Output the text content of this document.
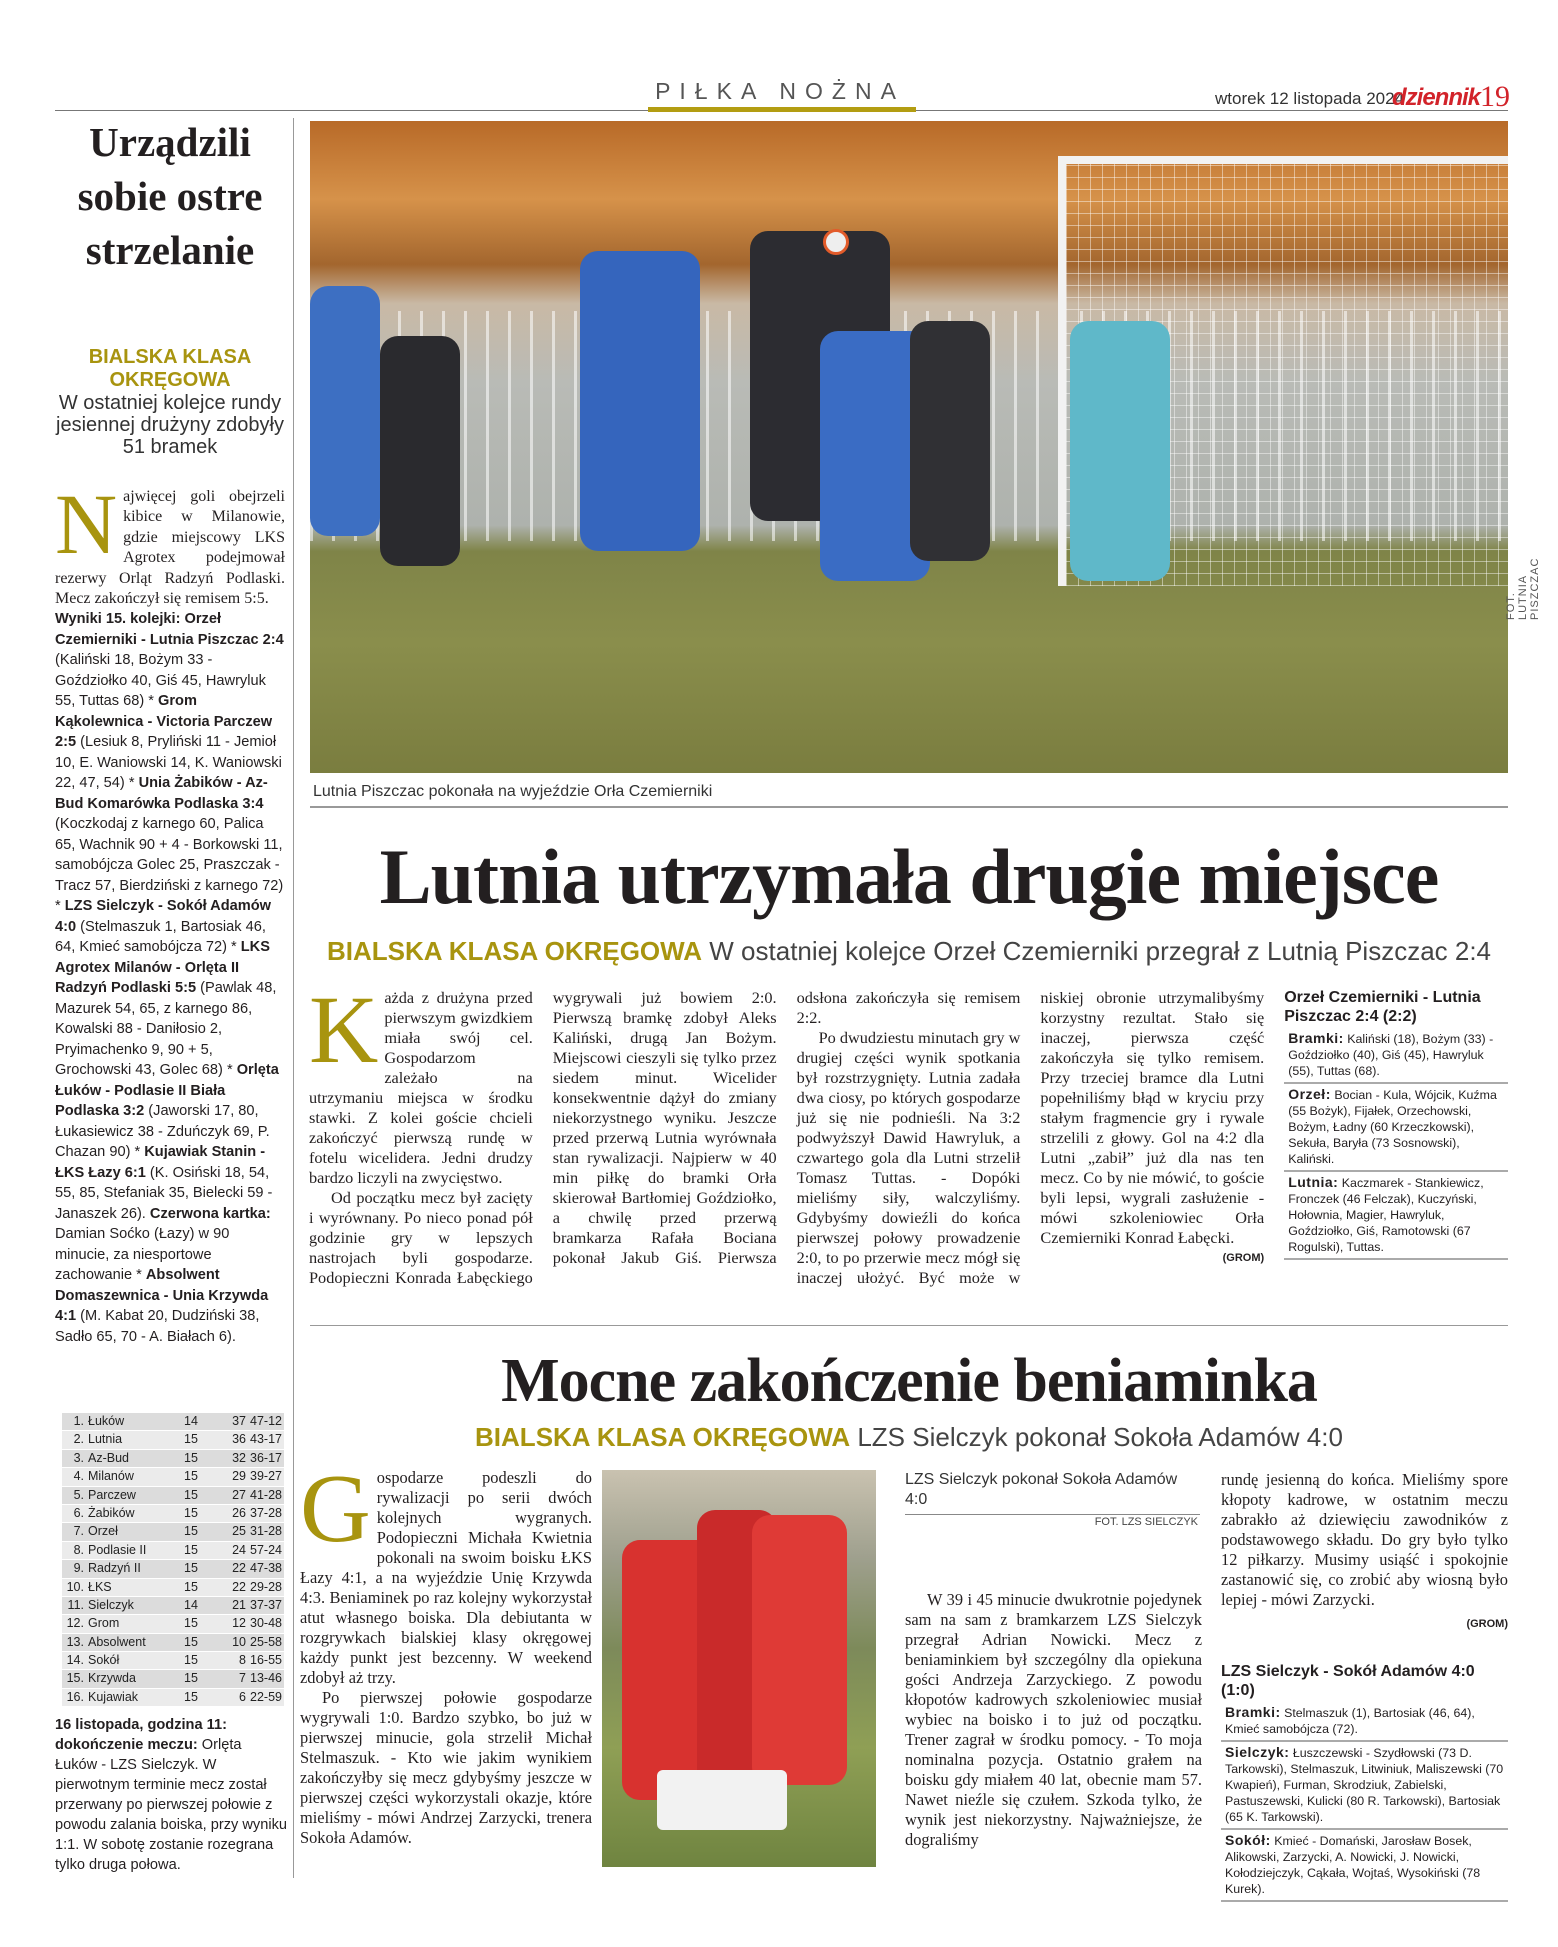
PIŁKA NOŻNA	wtorek 12 listopada 2024
dziennik 19
Urządzili sobie ostre strzelanie
BIALSKA KLASA OKRĘGOWA
W ostatniej kolejce rundy jesiennej drużyny zdobyły 51 bramek
Najwięcej goli obejrzeli kibice w Milanowie, gdzie miejscowy LKS Agrotex podejmował rezerwy Orląt Radzyń Podlaski. Mecz zakończył się remisem 5:5.
Wyniki 15. kolejki: Orzeł Czemierniki - Lutnia Piszczac 2:4 (Kaliński 18, Bożym 33 - Goździołko 40, Giś 45, Hawryluk 55, Tuttas 68) * Grom Kąkolewnica - Victoria Parczew 2:5 (Lesiuk 8, Pryliński 11 - Jemioł 10, E. Waniowski 14, K. Waniowski 22, 47, 54) * Unia Żabików - Az-Bud Komarówka Podlaska 3:4 (Koczkodaj z karnego 60, Palica 65, Wachnik 90 + 4 - Borkowski 11, samobójcza Golec 25, Praszczak - Tracz 57, Bierdziński z karnego 72) * LZS Sielczyk - Sokół Adamów 4:0 (Stelmaszuk 1, Bartosiak 46, 64, Kmieć samobójcza 72) * LKS Agrotex Milanów - Orlęta II Radzyń Podlaski 5:5 (Pawlak 48, Mazurek 54, 65, z karnego 86, Kowalski 88 - Daniłosio 2, Pryimachenko 9, 90 + 5, Grochowski 43, Golec 68) * Orlęta Łuków - Podlasie II Biała Podlaska 3:2 (Jaworski 17, 80, Łukasiewicz 38 - Zduńczyk 69, P. Chazan 90) * Kujawiak Stanin - ŁKS Łazy 6:1 (K. Osiński 18, 54, 55, 85, Stefaniak 35, Bielecki 59 - Janaszek 26). Czerwona kartka: Damian Soćko (Łazy) w 90 minucie, za niesportowe zachowanie * Absolwent Domaszewnica - Unia Krzywda 4:1 (M. Kabat 20, Dudziński 38, Sadło 65, 70 - A. Białach 6).
1. Łuków	14	37 47-12
2. Lutnia	15	36 43-17
3. Az-Bud	15	32 36-17
4. Milanów	15	29 39-27
5. Parczew	15	27 41-28
6. Żabików	15	26 37-28
7. Orzeł	15	25 31-28
8. Podlasie II	15	24 57-24
9. Radzyń II	15	22 47-38
10. ŁKS	15	22 29-28
11. Sielczyk	14	21 37-37
12. Grom	15	12 30-48
13. Absolwent	15	10 25-58
14. Sokół	15	8 16-55
15. Krzywda	15	7 13-46
16. Kujawiak	15	6 22-59
16 listopada, godzina 11: dokończenie meczu: Orlęta Łuków - LZS Sielczyk. W pierwotnym terminie mecz został przerwany po pierwszej połowie z powodu zalania boiska, przy wyniku 1:1. W sobotę zostanie rozegrana tylko druga połowa.
FOT. LUTNIA PISZCZAC
Lutnia Piszczac pokonała na wyjeździe Orła Czemierniki
Lutnia utrzymała drugie miejsce
BIALSKA KLASA OKRĘGOWA W ostatniej kolejce Orzeł Czemierniki przegrał z Lutnią Piszczac 2:4

Każda z drużyna przed pierwszym gwizdkiem miała swój cel. Gospodarzom zależało na utrzymaniu miejsca w środku stawki. Z kolei goście chcieli zakończyć pierwszą rundę w fotelu wicelidera. Jedni drudzy bardzo liczyli na zwycięstwo.

Od początku mecz był zacięty i wyrównany. Po nieco ponad pół godzinie gry w lepszych nastrojach byli gospodarze. Podopieczni Konrada Łabęckiego wygrywali już bowiem 2:0. Pierwszą bramkę zdobył Aleks Kaliński, drugą Jan Bożym. Miejscowi cieszyli się tylko przez siedem minut. Wicelider konsekwentnie dążył do zmiany niekorzystnego wyniku. Jeszcze przed przerwą Lutnia wyrównała stan rywalizacji. Najpierw w 40 min piłkę do bramki Orła skierował Bartłomiej Goździołko, a chwilę przed przerwą bramkarza Rafała Bociana pokonał Jakub Giś. Pierwsza odsłona zakończyła się remisem 2:2.

Po dwudziestu minutach gry w drugiej części wynik spotkania był rozstrzygnięty. Lutnia zadała dwa ciosy, po których gospodarze już się nie podnieśli. Na 3:2 podwyższył Dawid Hawryluk, a czwartego gola dla Lutni strzelił Tomasz Tuttas. - Dopóki mieliśmy siły, walczyliśmy. Gdybyśmy dowieźli do końca pierwszej połowy prowadzenie 2:0, to po przerwie mecz mógł się inaczej ułożyć. Być może w niskiej obronie utrzymalibyśmy korzystny rezultat. Stało się inaczej, pierwsza część zakończyła się tylko remisem. Przy trzeciej bramce dla Lutni popełniliśmy błąd w kryciu przy stałym fragmencie gry i rywale strzelili z głowy. Gol na 4:2 dla Lutni „zabił” już dla nas ten mecz. Co by nie mówić, to goście byli lepsi, wygrali zasłużenie - mówi szkoleniowiec Orła Czemierniki Konrad Łabęcki.

(GROM)
Orzeł Czemierniki - Lutnia Piszczac 2:4 (2:2)
Bramki: Kaliński (18), Bożym (33) - Goździołko (40), Giś (45), Hawryluk (55), Tuttas (68).
Orzeł: Bocian - Kula, Wójcik, Kuźma (55 Bożyk), Fijałek, Orzechowski, Bożym, Ładny (60 Krzeczkowski), Sekuła, Baryła (73 Sosnowski), Kaliński.
Lutnia: Kaczmarek - Stankiewicz, Fronczek (46 Felczak), Kuczyński, Hołownia, Magier, Hawryluk, Goździołko, Giś, Ramotowski (67 Rogulski), Tuttas.
Mocne zakończenie beniaminka
BIALSKA KLASA OKRĘGOWA LZS Sielczyk pokonał Sokoła Adamów 4:0

Gospodarze podeszli do rywalizacji po serii dwóch kolejnych wygranych. Podopieczni Michała Kwietnia pokonali na swoim boisku ŁKS Łazy 4:1, a na wyjeździe Unię Krzywda 4:3. Beniaminek po raz kolejny wykorzystał atut własnego boiska. Dla debiutanta w rozgrywkach bialskiej klasy okręgowej każdy punkt jest bezcenny. W weekend zdobył aż trzy.

Po pierwszej połowie gospodarze wygrywali 1:0. Bardzo szybko, bo już w pierwszej minucie, gola strzelił Michał Stelmaszuk. - Kto wie jakim wynikiem zakończyłby się mecz gdybyśmy jeszcze w pierwszej części wykorzystali okazje, które mieliśmy - mówi Andrzej Zarzycki, trenera Sokoła Adamów.

LZS Sielczyk pokonał Sokoła Adamów 4:0
FOT. LZS SIELCZYK
W 39 i 45 minucie dwukrotnie pojedynek sam na sam z bramkarzem LZS Sielczyk przegrał Adrian Nowicki. Mecz z beniaminkiem był szczególny dla opiekuna gości Andrzeja Zarzyckiego. Z powodu kłopotów kadrowych szkoleniowiec musiał wybiec na boisko i to już od początku. Trener zagrał w środku pomocy. - To moja nominalna pozycja. Ostatnio grałem na boisku gdy miałem 40 lat, obecnie mam 57. Nawet nieźle się czułem. Szkoda tylko, że wynik jest niekorzystny. Najważniejsze, że dograliśmy
rundę jesienną do końca. Mieliśmy spore kłopoty kadrowe, w ostatnim meczu zabrakło aż dziewięciu zawodników z podstawowego składu. Do gry było tylko 12 piłkarzy. Musimy usiąść i spokojnie zastanowić się, co zrobić aby wiosną było lepiej - mówi Zarzycki.
(GROM)
LZS Sielczyk - Sokół Adamów 4:0 (1:0)
Bramki: Stelmaszuk (1), Bartosiak (46, 64), Kmieć samobójcza (72).
Sielczyk: Łuszczewski - Szydłowski (73 D. Tarkowski), Stelmaszuk, Litwiniuk, Maliszewski (70 Kwapień), Furman, Skrodziuk, Zabielski, Pastuszewski, Kulicki (80 R. Tarkowski), Bartosiak (65 K. Tarkowski).
Sokół: Kmieć - Domański, Jarosław Bosek, Alikowski, Zarzycki, A. Nowicki, J. Nowicki, Kołodziejczyk, Cąkała, Wojtaś, Wysokiński (78 Kurek).
